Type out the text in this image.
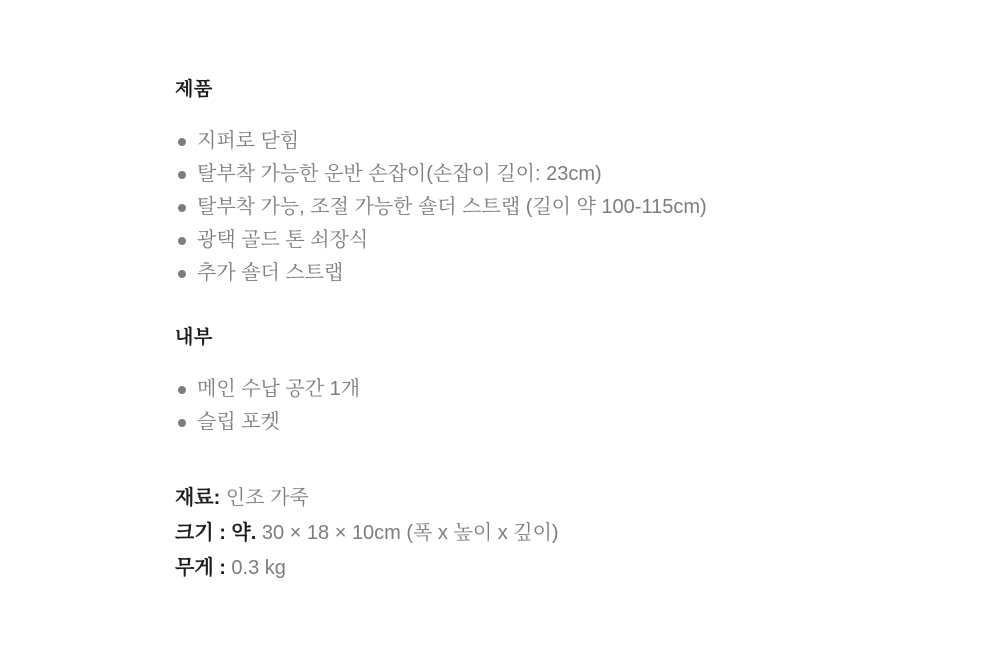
제품
지퍼로 닫힘
탈부착 가능한 운반 손잡이(손잡이 길이: 23cm)
탈부착 가능, 조절 가능한 숄더 스트랩 (길이 약 100-115cm)
광택 골드 톤 쇠장식
추가 숄더 스트랩
내부
메인 수납 공간 1개
슬립 포켓

재료: 인조 가죽

크기 : 약. 30 × 18 × 10cm (폭 x 높이 x 깊이)

무게 : 0.3 kg
